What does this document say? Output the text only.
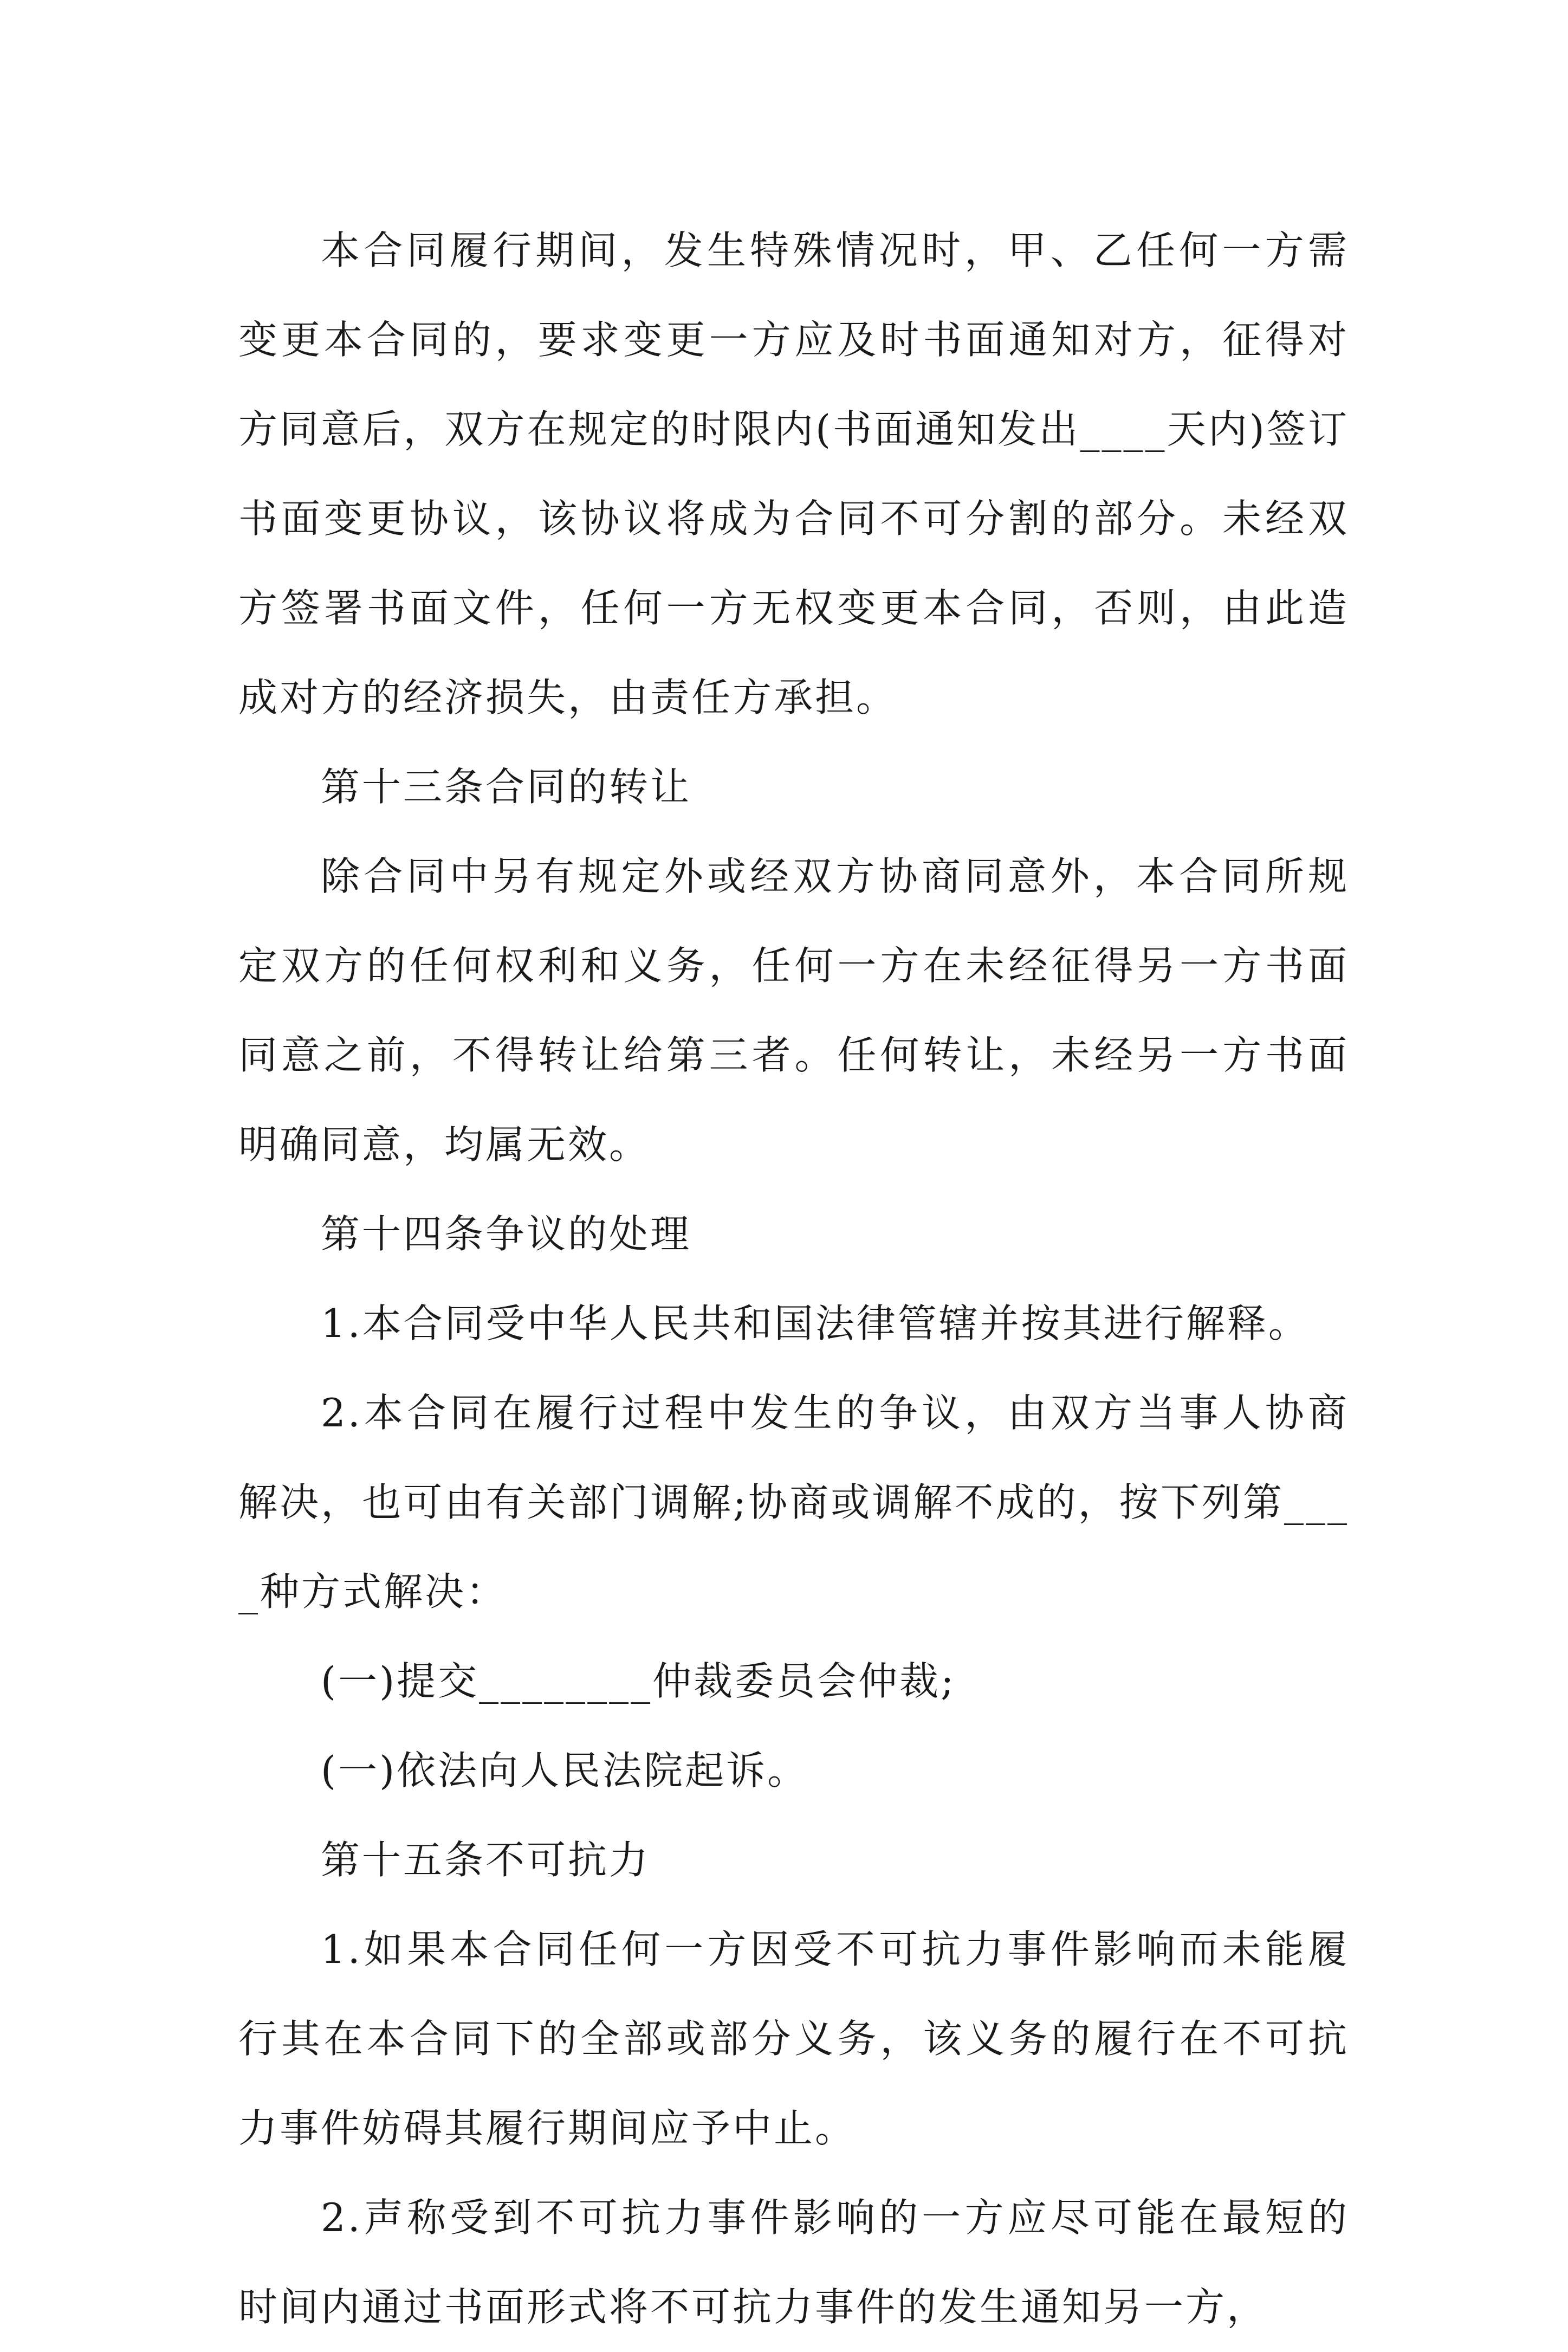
本合同履行期间，发生特殊情况时，甲、乙任何一方需变更本合同的，要求变更一方应及时书面通知对方，征得对方同意后，双方在规定的时限内(书面通知发出____天内)签订书面变更协议，该协议将成为合同不可分割的部分。未经双方签署书面文件，任何一方无权变更本合同，否则，由此造成对方的经济损失，由责任方承担。

第十三条合同的转让

除合同中另有规定外或经双方协商同意外，本合同所规定双方的任何权利和义务，任何一方在未经征得另一方书面同意之前，不得转让给第三者。任何转让，未经另一方书面明确同意，均属无效。

第十四条争议的处理

1.本合同受中华人民共和国法律管辖并按其进行解释。

2.本合同在履行过程中发生的争议，由双方当事人协商解决，也可由有关部门调解;协商或调解不成的，按下列第____种方式解决：

(一)提交________仲裁委员会仲裁;

(一)依法向人民法院起诉。

第十五条不可抗力

1.如果本合同任何一方因受不可抗力事件影响而未能履行其在本合同下的全部或部分义务，该义务的履行在不可抗力事件妨碍其履行期间应予中止。

2.声称受到不可抗力事件影响的一方应尽可能在最短的时间内通过书面形式将不可抗力事件的发生通知另一方，
